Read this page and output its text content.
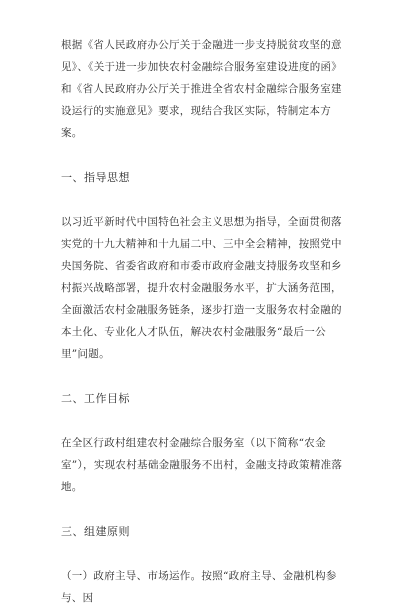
根据《省人民政府办公厅关于金融进一步支持脱贫攻坚的意见》、《关于进一步加快农村金融综合服务室建设进度的函》和《省人民政府办公厅关于推进全省农村金融综合服务室建设运行的实施意见》要求，现结合我区实际，特制定本方案。

一、指导思想

以习近平新时代中国特色社会主义思想为指导，全面贯彻落实党的十九大精神和十九届二中、三中全会精神，按照党中央国务院、省委省政府和市委市政府金融支持服务攻坚和乡村振兴战略部署，提升农村金融服务水平，扩大涵务范围，全面激活农村金融服务链条，逐步打造一支服务农村金融的本土化、专业化人才队伍，解决农村金融服务“最后一公里”问题。

二、工作目标

在全区行政村组建农村金融综合服务室（以下简称“农金室”），实现农村基础金融服务不出村，金融支持政策精准落地。

三、组建原则

（一）政府主导、市场运作。按照“政府主导、金融机构参与、因
